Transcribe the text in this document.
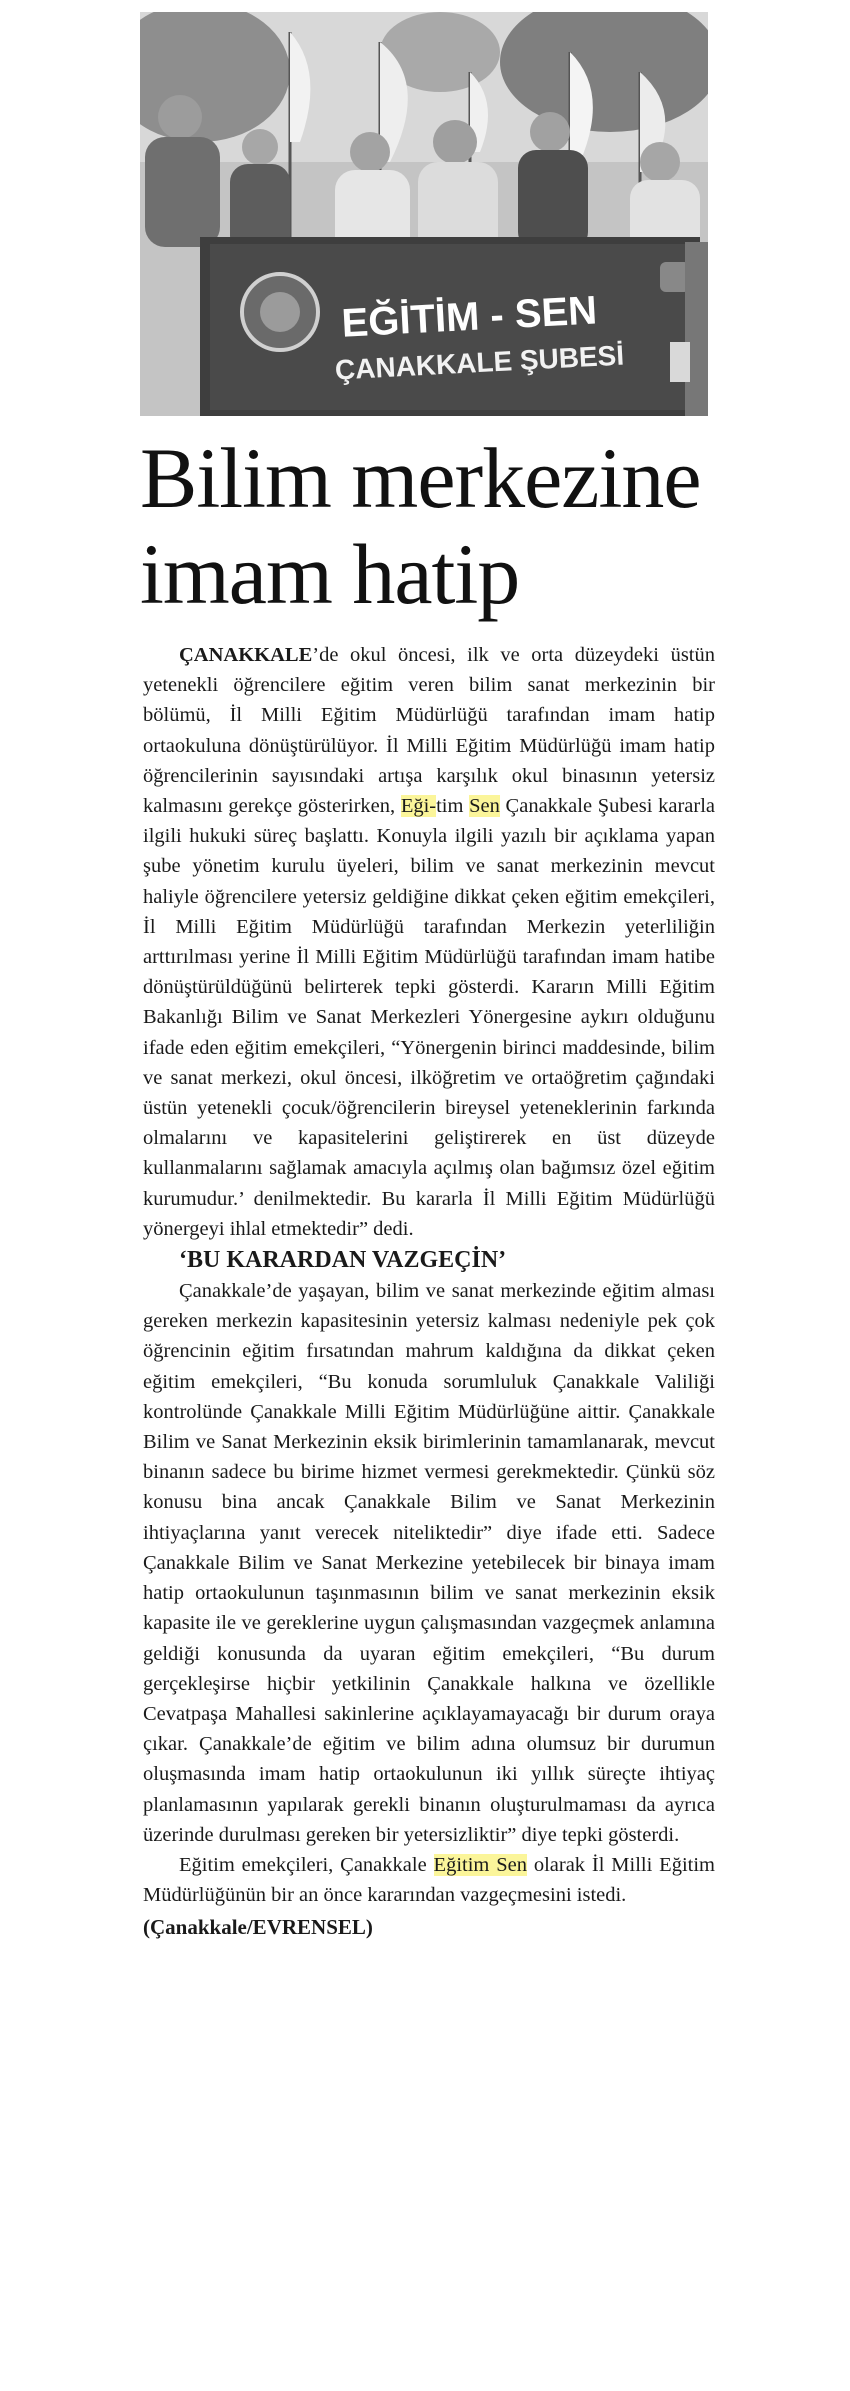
EĞİTİM - SEN
ÇANAKKALE ŞUBESİ
Bilim merkezine
imam hatip

ÇANAKKALE’de okul öncesi, ilk ve orta düzeydeki üstün yetenekli öğrencilere eğitim veren bilim sanat merkezinin bir bölümü, İl Milli Eğitim Müdürlüğü tarafından imam hatip ortaokuluna dönüştürülüyor. İl Milli Eğitim Müdürlüğü imam hatip öğrencilerinin sayısındaki artışa karşılık okul binasının yetersiz kalmasını gerekçe gösterirken, Eği-tim Sen Çanakkale Şubesi kararla ilgili hukuki süreç başlattı. Konuyla ilgili yazılı bir açıklama yapan şube yönetim kurulu üyeleri, bilim ve sanat merkezinin mevcut haliyle öğrencilere yetersiz geldiğine dikkat çeken eğitim emekçileri, İl Milli Eğitim Müdürlüğü tarafından Merkezin yeterliliğin arttırılması yerine İl Milli Eğitim Müdürlüğü tarafından imam hatibe dönüştürüldüğünü belirterek tepki gösterdi. Kararın Milli Eğitim Bakanlığı Bilim ve Sanat Merkezleri Yönergesine aykırı olduğunu ifade eden eğitim emekçileri, “Yönergenin birinci maddesinde, bilim ve sanat merkezi, okul öncesi, ilköğretim ve ortaöğretim çağındaki üstün yetenekli çocuk/öğrencilerin bireysel yeteneklerinin farkında olmalarını ve kapasitelerini geliştirerek en üst düzeyde kullanmalarını sağlamak amacıyla açılmış olan bağımsız özel eğitim kurumudur.’ denilmektedir. Bu kararla İl Milli Eğitim Müdürlüğü yönergeyi ihlal etmektedir” dedi.

‘BU KARARDAN VAZGEÇİN’

Çanakkale’de yaşayan, bilim ve sanat merkezinde eğitim alması gereken merkezin kapasitesinin yetersiz kalması nedeniyle pek çok öğrencinin eğitim fırsatından mahrum kaldığına da dikkat çeken eğitim emekçileri, “Bu konuda sorumluluk Çanakkale Valiliği kontrolünde Çanakkale Milli Eğitim Müdürlüğüne aittir. Çanakkale Bilim ve Sanat Merkezinin eksik birimlerinin tamamlanarak, mevcut binanın sadece bu birime hizmet vermesi gerekmektedir. Çünkü söz konusu bina ancak Çanakkale Bilim ve Sanat Merkezinin ihtiyaçlarına yanıt verecek niteliktedir” diye ifade etti. Sadece Çanakkale Bilim ve Sanat Merkezine yetebilecek bir binaya imam hatip ortaokulunun taşınmasının bilim ve sanat merkezinin eksik kapasite ile ve gereklerine uygun çalışmasından vazgeçmek anlamına geldiği konusunda da uyaran eğitim emekçileri, “Bu durum gerçekleşirse hiçbir yetkilinin Çanakkale halkına ve özellikle Cevatpaşa Mahallesi sakinlerine açıklayamayacağı bir durum oraya çıkar. Çanakkale’de eğitim ve bilim adına olumsuz bir durumun oluşmasında imam hatip ortaokulunun iki yıllık süreçte ihtiyaç planlamasının yapılarak gerekli binanın oluşturulmaması da ayrıca üzerinde durulması gereken bir yetersizliktir” diye tepki gösterdi.

Eğitim emekçileri, Çanakkale Eğitim Sen olarak İl Milli Eğitim Müdürlüğünün bir an önce kararından vazgeçmesini istedi.

(Çanakkale/EVRENSEL)
